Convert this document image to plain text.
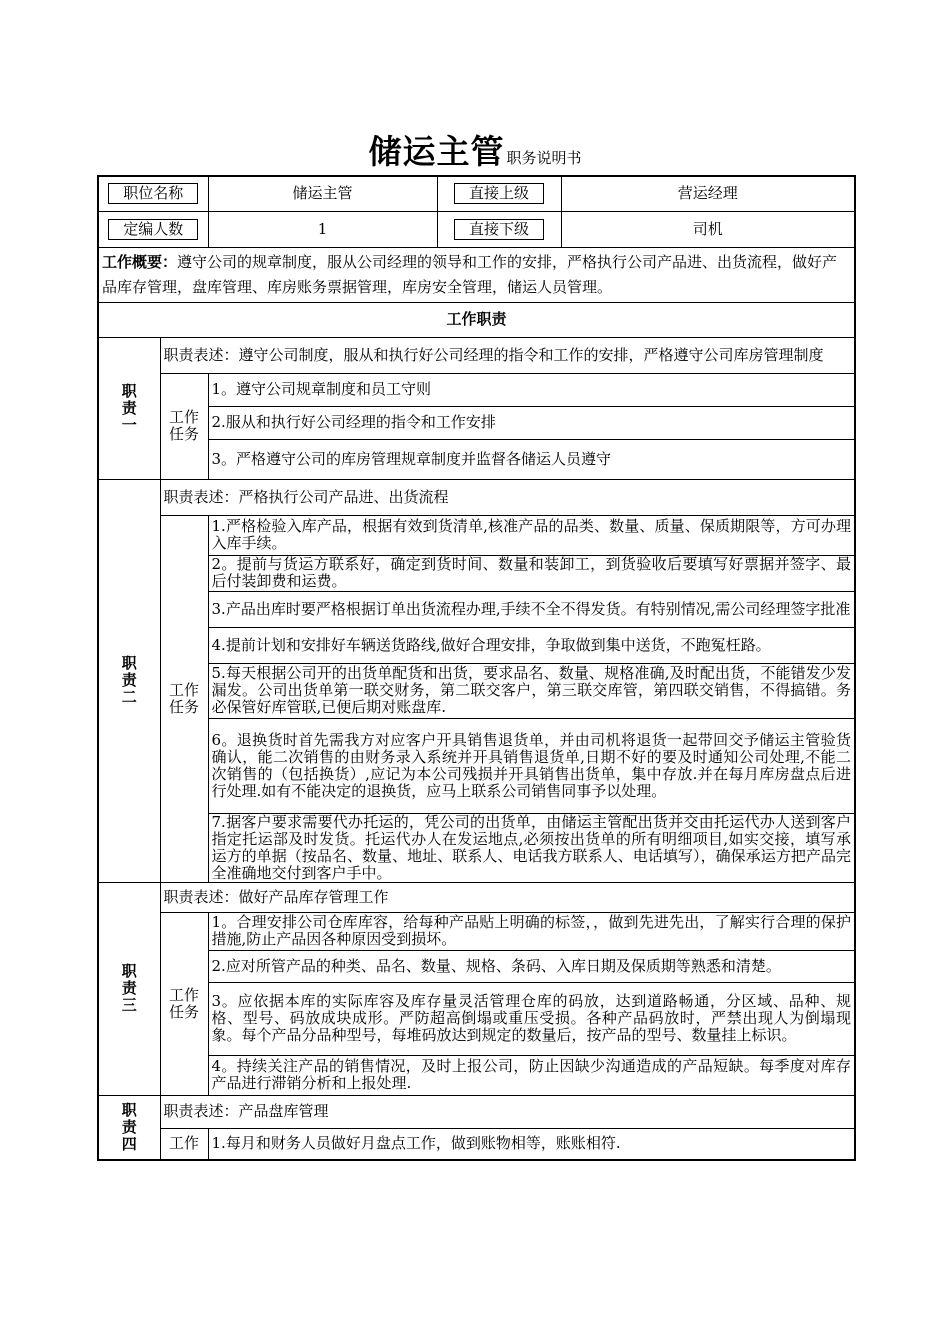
储运主管 职务说明书
职位名称		储运主管	直接上级	营运经理
定编人数		1	直接下级	司机
工作概要：遵守公司的规章制度，服从公司经理的领导和工作的安排，严格执行公司产品进、出货流程，做好产品库存管理，盘库管理、库房账务票据管理，库房安全管理，储运人员管理。				
工作职责				

职
责
一	职责表述：遵守公司制度，服从和执行好公司经理的指令和工作的安排，严格遵守公司库房管理制度			

	工作
任务	1。遵守公司规章制度和员工守则		
		2.服从和执行好公司经理的指令和工作安排		
		3。严格遵守公司的库房管理规章制度并监督各储运人员遵守		

职
责
二	职责表述：严格执行公司产品进、出货流程			

	工作
任务	1.严格检验入库产品，根据有效到货清单,核准产品的品类、数量、质量、保质期限等，方可办理入库手续。		
		2。提前与货运方联系好，确定到货时间、数量和装卸工，到货验收后要填写好票据并签字、最后付装卸费和运费。		
		3.产品出库时要严格根据订单出货流程办理,手续不全不得发货。有特别情况,需公司经理签字批准		
		4.提前计划和安排好车辆送货路线,做好合理安排，争取做到集中送货，不跑冤枉路。		
		5.每天根据公司开的出货单配货和出货，要求品名、数量、规格准确,及时配出货，不能错发少发漏发。公司出货单第一联交财务，第二联交客户，第三联交库管，第四联交销售，不得搞错。务必保管好库管联,已便后期对账盘库.		
		6。退换货时首先需我方对应客户开具销售退货单，并由司机将退货一起带回交予储运主管验货确认，能二次销售的由财务录入系统并开具销售退货单,日期不好的要及时通知公司处理,不能二次销售的（包括换货）,应记为本公司残损并开具销售出货单，集中存放.并在每月库房盘点后进行处理.如有不能决定的退换货，应马上联系公司销售同事予以处理。		
		7.据客户要求需要代办托运的，凭公司的出货单，由储运主管配出货并交由托运代办人送到客户指定托运部及时发货。托运代办人在发运地点,必须按出货单的所有明细项目,如实交接，填写承运方的单据（按品名、数量、地址、联系人、电话我方联系人、电话填写），确保承运方把产品完全准确地交付到客户手中。		

职
责
三	职责表述：做好产品库存管理工作			

	工作
任务	1。合理安排公司仓库库容，给每种产品贴上明确的标签，，做到先进先出，了解实行合理的保护措施,防止产品因各种原因受到损坏。		
		2.应对所管产品的种类、品名、数量、规格、条码、入库日期及保质期等熟悉和清楚。		
		3。应依据本库的实际库容及库存量灵活管理仓库的码放，达到道路畅通，分区域、品种、规格、型号、码放成块成形。严防超高倒塌或重压受损。各种产品码放时，严禁出现人为倒塌现象。每个产品分品种型号，每堆码放达到规定的数量后，按产品的型号、数量挂上标识。		
		4。持续关注产品的销售情况，及时上报公司，防止因缺少沟通造成的产品短缺。每季度对库存产品进行滞销分析和上报处理.		

职
责
四	职责表述：产品盘库管理			

	工作	1.每月和财务人员做好月盘点工作，做到账物相等，账账相符.		
